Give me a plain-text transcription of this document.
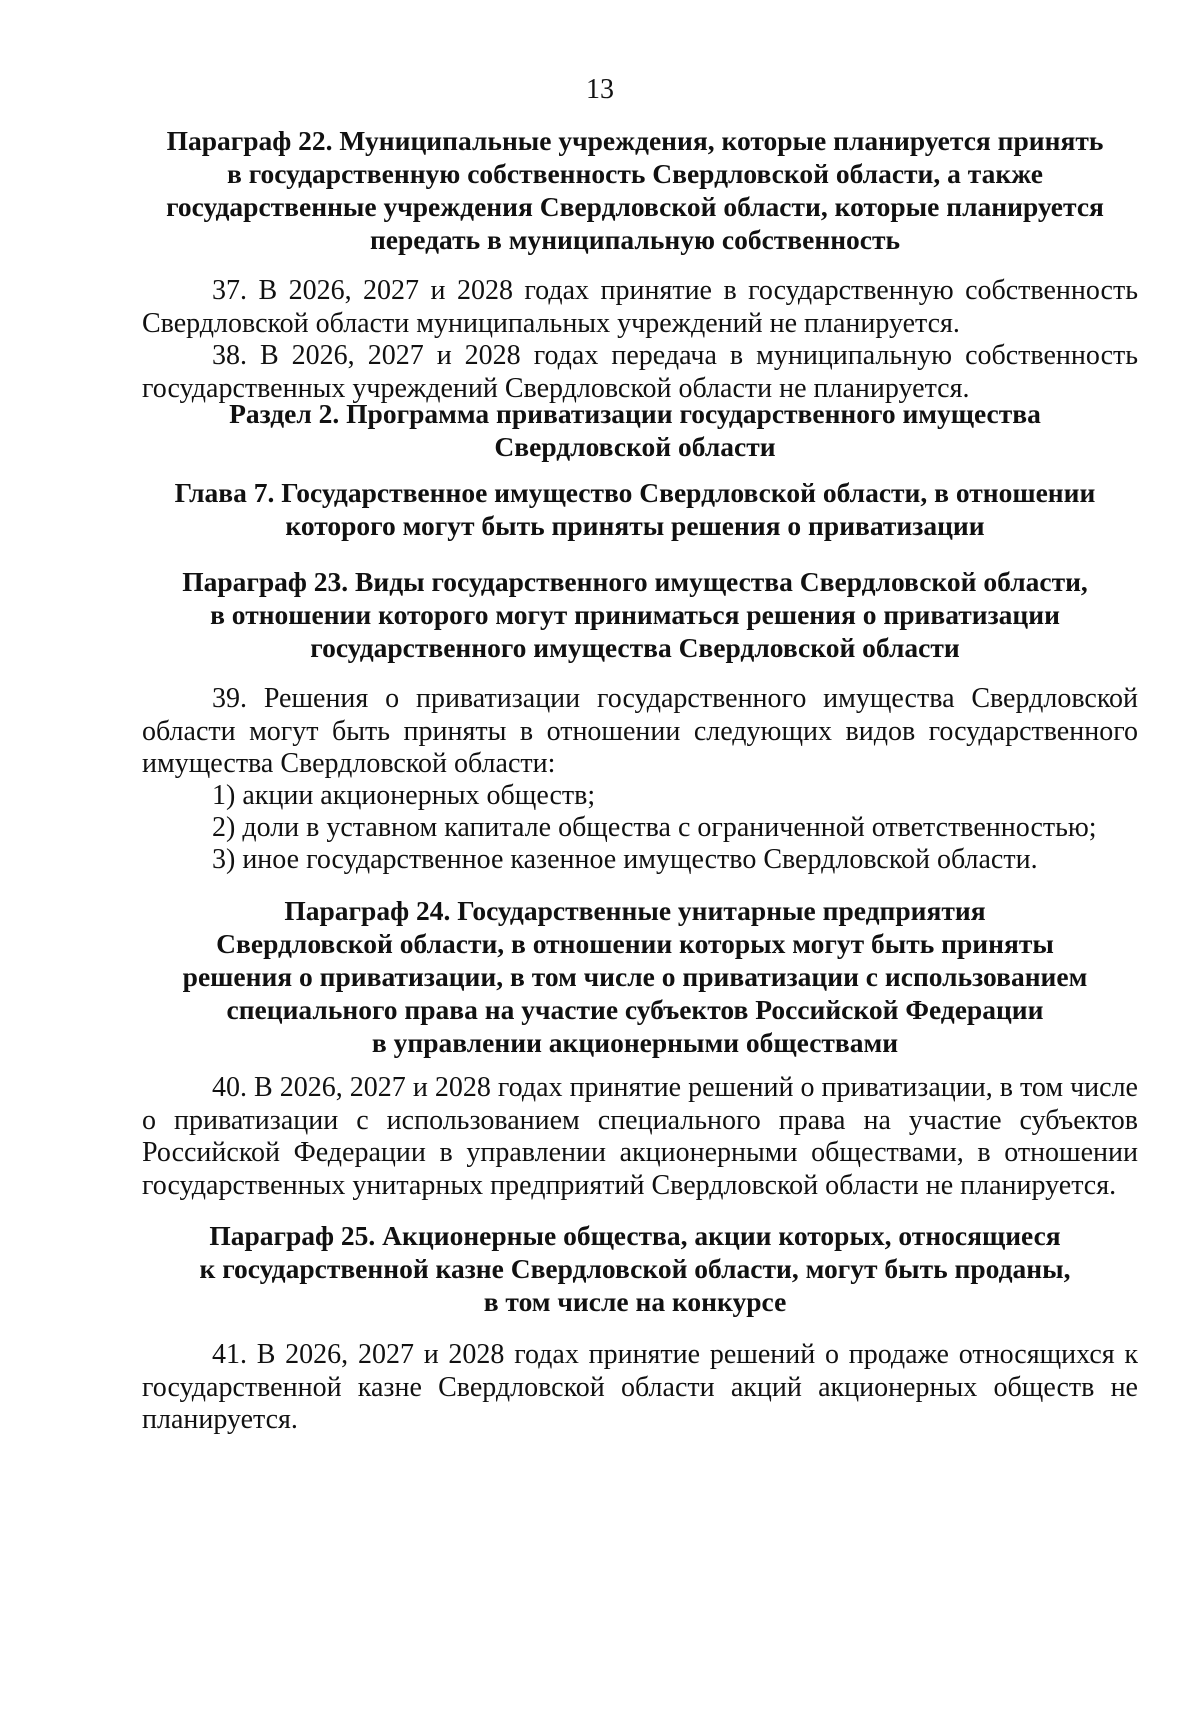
13
Параграф 22. Муниципальные учреждения, которые планируется принять
в государственную собственность Свердловской области, а также
государственные учреждения Свердловской области, которые планируется
передать в муниципальную собственность
37. В 2026, 2027 и 2028 годах принятие в государственную собственность Свердловской области муниципальных учреждений не планируется.
38. В 2026, 2027 и 2028 годах передача в муниципальную собственность государственных учреждений Свердловской области не планируется.
Раздел 2. Программа приватизации государственного имущества
Свердловской области
Глава 7. Государственное имущество Свердловской области, в отношении
которого могут быть приняты решения о приватизации
Параграф 23. Виды государственного имущества Свердловской области,
в отношении которого могут приниматься решения о приватизации
государственного имущества Свердловской области
39. Решения о приватизации государственного имущества Свердловской области могут быть приняты в отношении следующих видов государственного имущества Свердловской области:
1) акции акционерных обществ;
2) доли в уставном капитале общества с ограниченной ответственностью;
3) иное государственное казенное имущество Свердловской области.
Параграф 24. Государственные унитарные предприятия
Свердловской области, в отношении которых могут быть приняты
решения о приватизации, в том числе о приватизации с использованием
специального права на участие субъектов Российской Федерации
в управлении акционерными обществами
40. В 2026, 2027 и 2028 годах принятие решений о приватизации, в том числе о приватизации с использованием специального права на участие субъектов Российской Федерации в управлении акционерными обществами, в отношении государственных унитарных предприятий Свердловской области не планируется.
Параграф 25. Акционерные общества, акции которых, относящиеся
к государственной казне Свердловской области, могут быть проданы,
в том числе на конкурсе
41. В 2026, 2027 и 2028 годах принятие решений о продаже относящихся к государственной казне Свердловской области акций акционерных обществ не планируется.
